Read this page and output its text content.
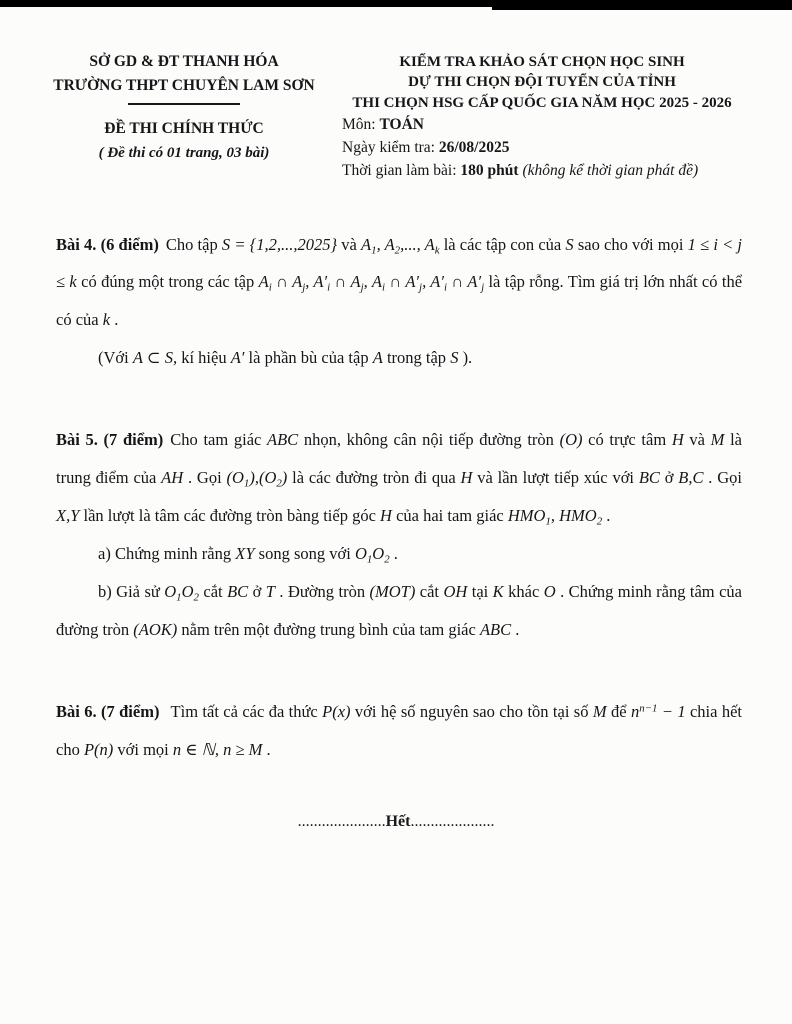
SỞ GD & ĐT THANH HÓA
TRƯỜNG THPT CHUYÊN LAM SƠN
ĐỀ THI CHÍNH THỨC
( Đề thi có 01 trang, 03 bài)
KIỂM TRA KHẢO SÁT CHỌN HỌC SINH
DỰ THI CHỌN ĐỘI TUYỂN CỦA TỈNH
THI CHỌN HSG CẤP QUỐC GIA NĂM HỌC 2025 - 2026
Môn: TOÁN
Ngày kiểm tra: 26/08/2025
Thời gian làm bài: 180 phút (không kể thời gian phát đề)

Bài 4. (6 điểm) Cho tập S = {1,2,...,2025} và $A_1$, $A_2$,..., $A_k$ là các tập con của S sao cho với mọi 1 ≤ i < j ≤ k có đúng một trong các tập $A_i$ ∩ $A_j$, $A'_i$ ∩ $A_j$, $A_i$ ∩ $A'_j$, $A'_i$ ∩ $A'_j$ là tập rỗng. Tìm giá trị lớn nhất có thể có của k .

(Với A ⊂ S, kí hiệu A′ là phần bù của tập A trong tập S ).

Bài 5. (7 điểm) Cho tam giác ABC nhọn, không cân nội tiếp đường tròn (O) có trực tâm H và M là trung điểm của AH . Gọi $(O_1),(O_2)$ là các đường tròn đi qua H và lần lượt tiếp xúc với BC ở B,C . Gọi X,Y lần lượt là tâm các đường tròn bàng tiếp góc H của hai tam giác $HMO_1$, $HMO_2$ .

a) Chứng minh rằng XY song song với $O_1O_2$ .

b) Giả sử $O_1O_2$ cắt BC ở T . Đường tròn (MOT) cắt OH tại K khác O . Chứng minh rằng tâm của đường tròn (AOK) nằm trên một đường trung bình của tam giác ABC .

Bài 6. (7 điểm) Tìm tất cả các đa thức P(x) với hệ số nguyên sao cho tồn tại số M để $n^{n-1} - 1$ chia hết cho P(n) với mọi n ∈ ℕ, n ≥ M .

......................Hết.....................
